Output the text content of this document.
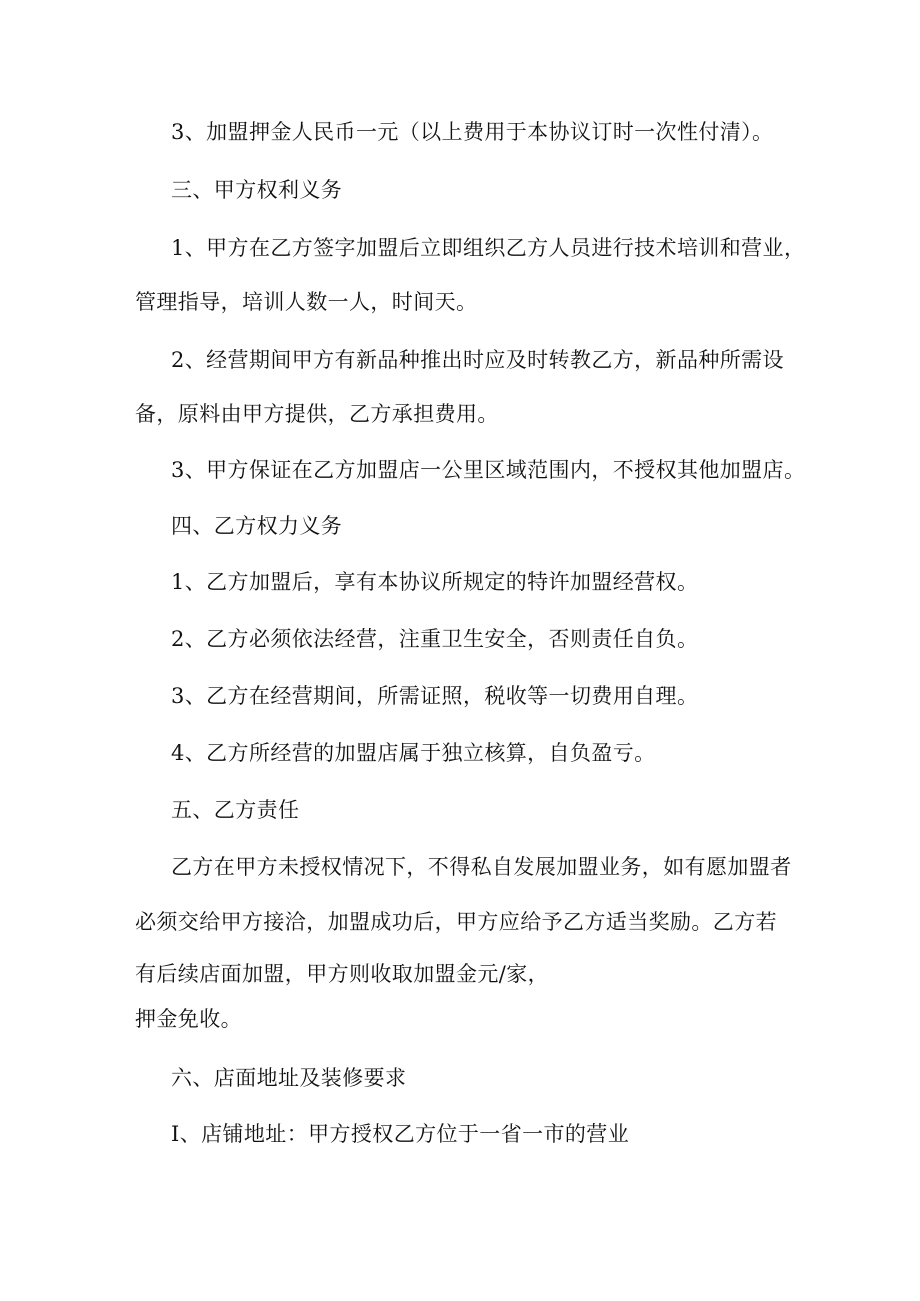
3、加盟押金人民币一元（以上费用于本协议订时一次性付清）。
三、甲方权利义务
1、甲方在乙方签字加盟后立即组织乙方人员进行技术培训和营业，
管理指导，培训人数一人，时间天。
2、经营期间甲方有新品种推出时应及时转教乙方，新品种所需设
备，原料由甲方提供，乙方承担费用。
3、甲方保证在乙方加盟店一公里区域范围内，不授权其他加盟店。
四、乙方权力义务
1、乙方加盟后，享有本协议所规定的特许加盟经营权。
2、乙方必须依法经营，注重卫生安全，否则责任自负。
3、乙方在经营期间，所需证照，税收等一切费用自理。
4、乙方所经营的加盟店属于独立核算，自负盈亏。
五、乙方责任
乙方在甲方未授权情况下，不得私自发展加盟业务，如有愿加盟者
必须交给甲方接洽，加盟成功后，甲方应给予乙方适当奖励。乙方若
有后续店面加盟，甲方则收取加盟金元/家，
押金免收。
六、店面地址及装修要求
I、店铺地址：甲方授权乙方位于一省一市的营业
